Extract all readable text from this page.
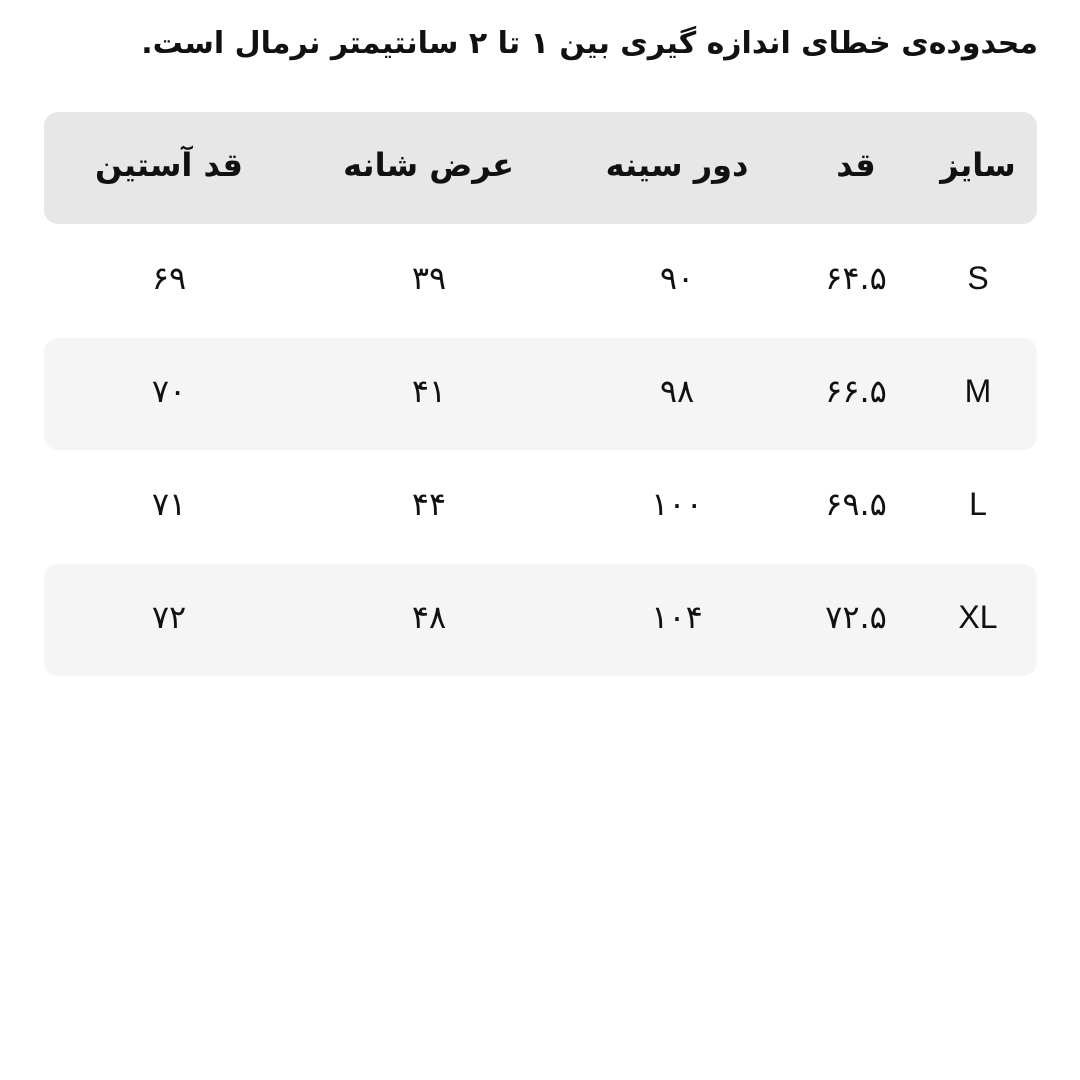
محدوده‌ی خطای اندازه گیری بین ۱ تا ۲ سانتیمتر نرمال است.
سایز
قد
دور سینه
عرض شانه
قد آستین
S
۶۴.۵
۹۰
۳۹
۶۹
M
۶۶.۵
۹۸
۴۱
۷۰
L
۶۹.۵
۱۰۰
۴۴
۷۱
XL
۷۲.۵
۱۰۴
۴۸
۷۲
